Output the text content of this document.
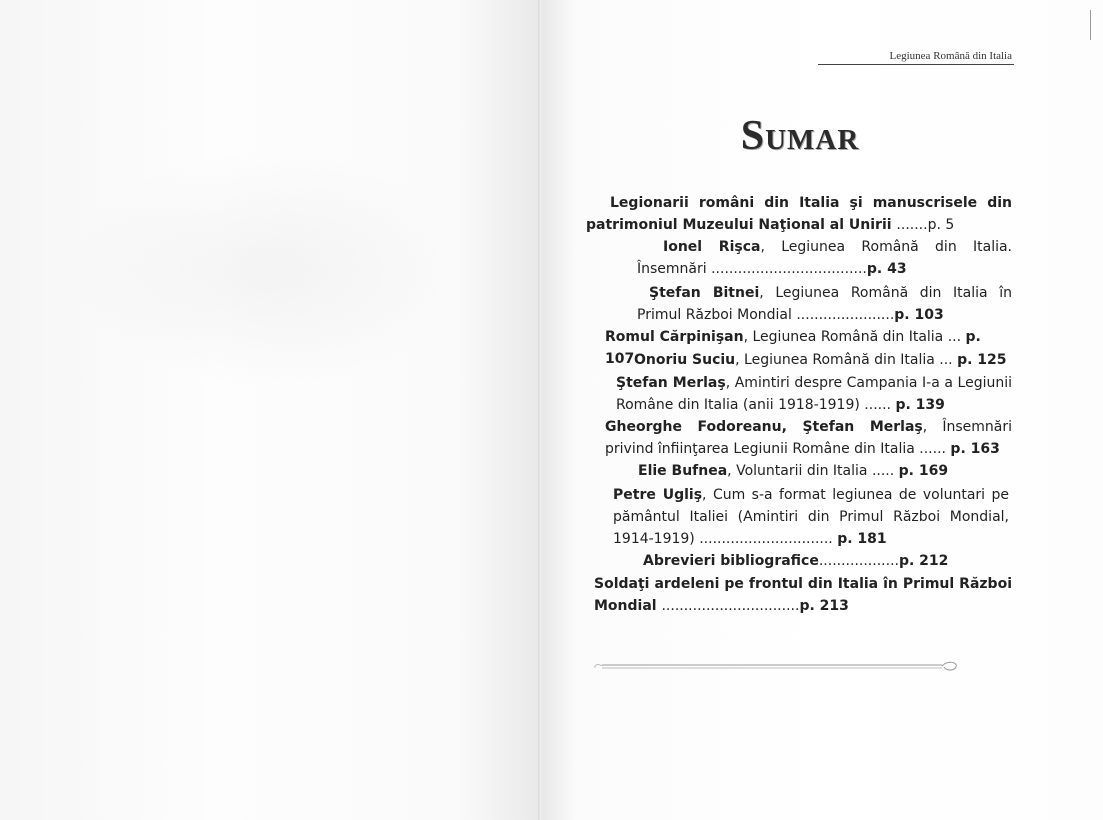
Legiunea Română din Italia
Sumar
Legionarii români din Italia şi manuscrisele din patrimoniul Muzeului Naţional al Unirii .......p. 5
Ionel Rişca, Legiunea Română din Italia. Însemnări ...................................p. 43
Ştefan Bitnei, Legiunea Română din Italia în Primul Război Mondial ......................p. 103
Romul Cărpinişan, Legiunea Română din Italia ... p. 107 Onoriu Suciu, Legiunea Română din Italia ... p. 125
Ştefan Merlaş, Amintiri despre Campania I-a a Legiunii Române din Italia (anii 1918-1919) ...... p. 139
Gheorghe Fodoreanu, Ştefan Merlaş, Însemnări privind înfiinţarea Legiunii Române din Italia ...... p. 163
Elie Bufnea, Voluntarii din Italia ..... p. 169
Petre Ugliş, Cum s-a format legiunea de voluntari pe pământul Italiei (Amintiri din Primul Război Mondial, 1914-1919) .............................. p. 181
Abrevieri bibliografice..................p. 212
Soldaţi ardeleni pe frontul din Italia în Primul Război Mondial ...............................p. 213
